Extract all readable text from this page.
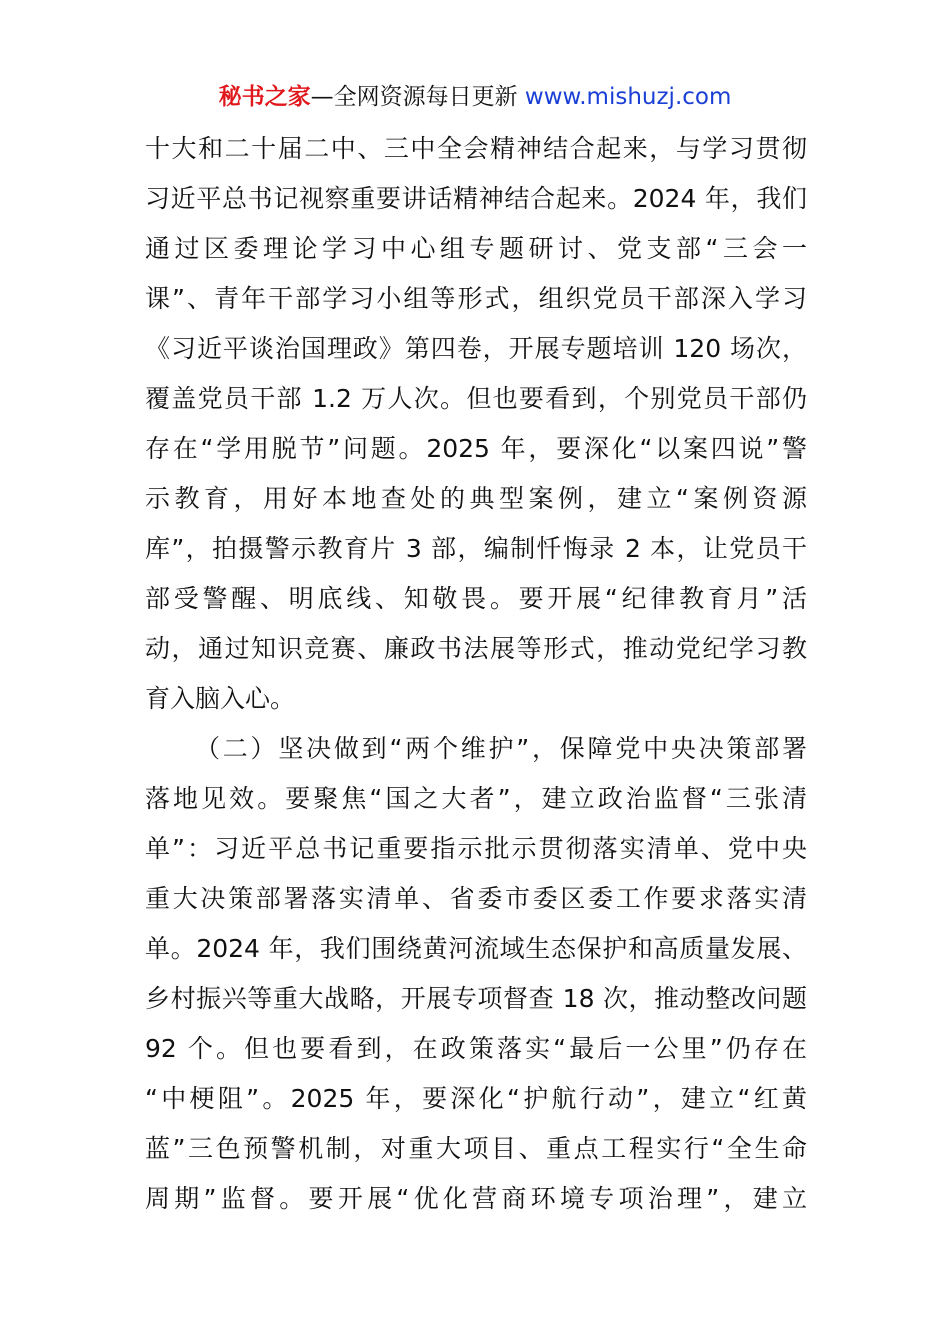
秘书之家—全网资源每日更新 www.mishuzj.com
十大和二十届二中、三中全会精神结合起来，与学习贯彻
习近平总书记视察重要讲话精神结合起来。2024 年，我们
通过区委理论学习中心组专题研讨、党支部“三会一
课”、青年干部学习小组等形式，组织党员干部深入学习
《习近平谈治国理政》第四卷，开展专题培训 120 场次，
覆盖党员干部 1.2 万人次。但也要看到，个别党员干部仍
存在“学用脱节”问题。2025 年，要深化“以案四说”警
示教育，用好本地查处的典型案例，建立“案例资源
库”，拍摄警示教育片 3 部，编制忏悔录 2 本，让党员干
部受警醒、明底线、知敬畏。要开展“纪律教育月”活
动，通过知识竞赛、廉政书法展等形式，推动党纪学习教
育入脑入心。
（二）坚决做到“两个维护”，保障党中央决策部署
落地见效。要聚焦“国之大者”，建立政治监督“三张清
单”：习近平总书记重要指示批示贯彻落实清单、党中央
重大决策部署落实清单、省委市委区委工作要求落实清
单。2024 年，我们围绕黄河流域生态保护和高质量发展、
乡村振兴等重大战略，开展专项督查 18 次，推动整改问题
92 个。但也要看到，在政策落实“最后一公里”仍存在
“中梗阻”。2025 年，要深化“护航行动”，建立“红黄
蓝”三色预警机制，对重大项目、重点工程实行“全生命
周期”监督。要开展“优化营商环境专项治理”，建立
